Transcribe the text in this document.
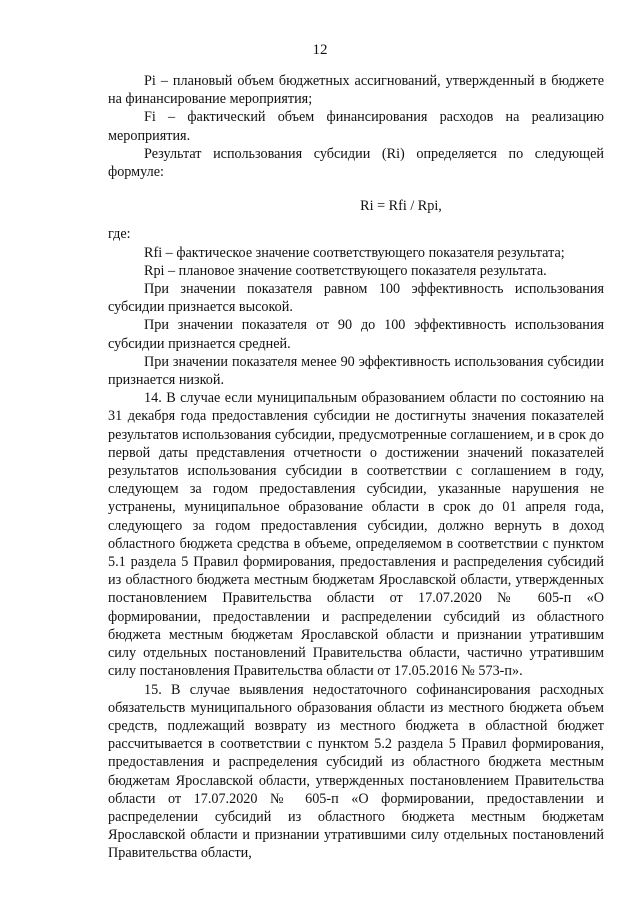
12

Pi – плановый объем бюджетных ассигнований, утвержденный в бюджете на финансирование мероприятия;

Fi – фактический объем финансирования расходов на реализацию мероприятия.

Результат использования субсидии (Ri) определяется по следующей формуле:

Ri = Rfi / Rpi,

где:

Rfi – фактическое значение соответствующего показателя результата;

Rpi – плановое значение соответствующего показателя результата.

При значении показателя равном 100 эффективность использования субсидии признается высокой.

При значении показателя от 90 до 100 эффективность использования субсидии признается средней.

При значении показателя менее 90 эффективность использования субсидии признается низкой.

14. В случае если муниципальным образованием области по состоянию на 31 декабря года предоставления субсидии не достигнуты значения показателей результатов использования субсидии, предусмотренные соглашением, и в срок до первой даты представления отчетности о достижении значений показателей результатов использования субсидии в соответствии с соглашением в году, следующем за годом предоставления субсидии, указанные нарушения не устранены, муниципальное образование области в срок до 01 апреля года, следующего за годом предоставления субсидии, должно вернуть в доход областного бюджета средства в объеме, определяемом в соответствии с пунктом 5.1 раздела 5 Правил формирования, предоставления и распределения субсидий из областного бюджета местным бюджетам Ярославской области, утвержденных постановлением Правительства области от 17.07.2020 № 605-п «О формировании, предоставлении и распределении субсидий из областного бюджета местным бюджетам Ярославской области и признании утратившим силу отдельных постановлений Правительства области, частично утратившим силу постановления Правительства области от 17.05.2016 № 573-п».

15. В случае выявления недостаточного софинансирования расходных обязательств муниципального образования области из местного бюджета объем средств, подлежащий возврату из местного бюджета в областной бюджет рассчитывается в соответствии с пунктом 5.2 раздела 5 Правил формирования, предоставления и распределения субсидий из областного бюджета местным бюджетам Ярославской области, утвержденных постановлением Правительства области от 17.07.2020 № 605-п «О формировании, предоставлении и распределении субсидий из областного бюджета местным бюджетам Ярославской области и признании утратившими силу отдельных постановлений Правительства области,
